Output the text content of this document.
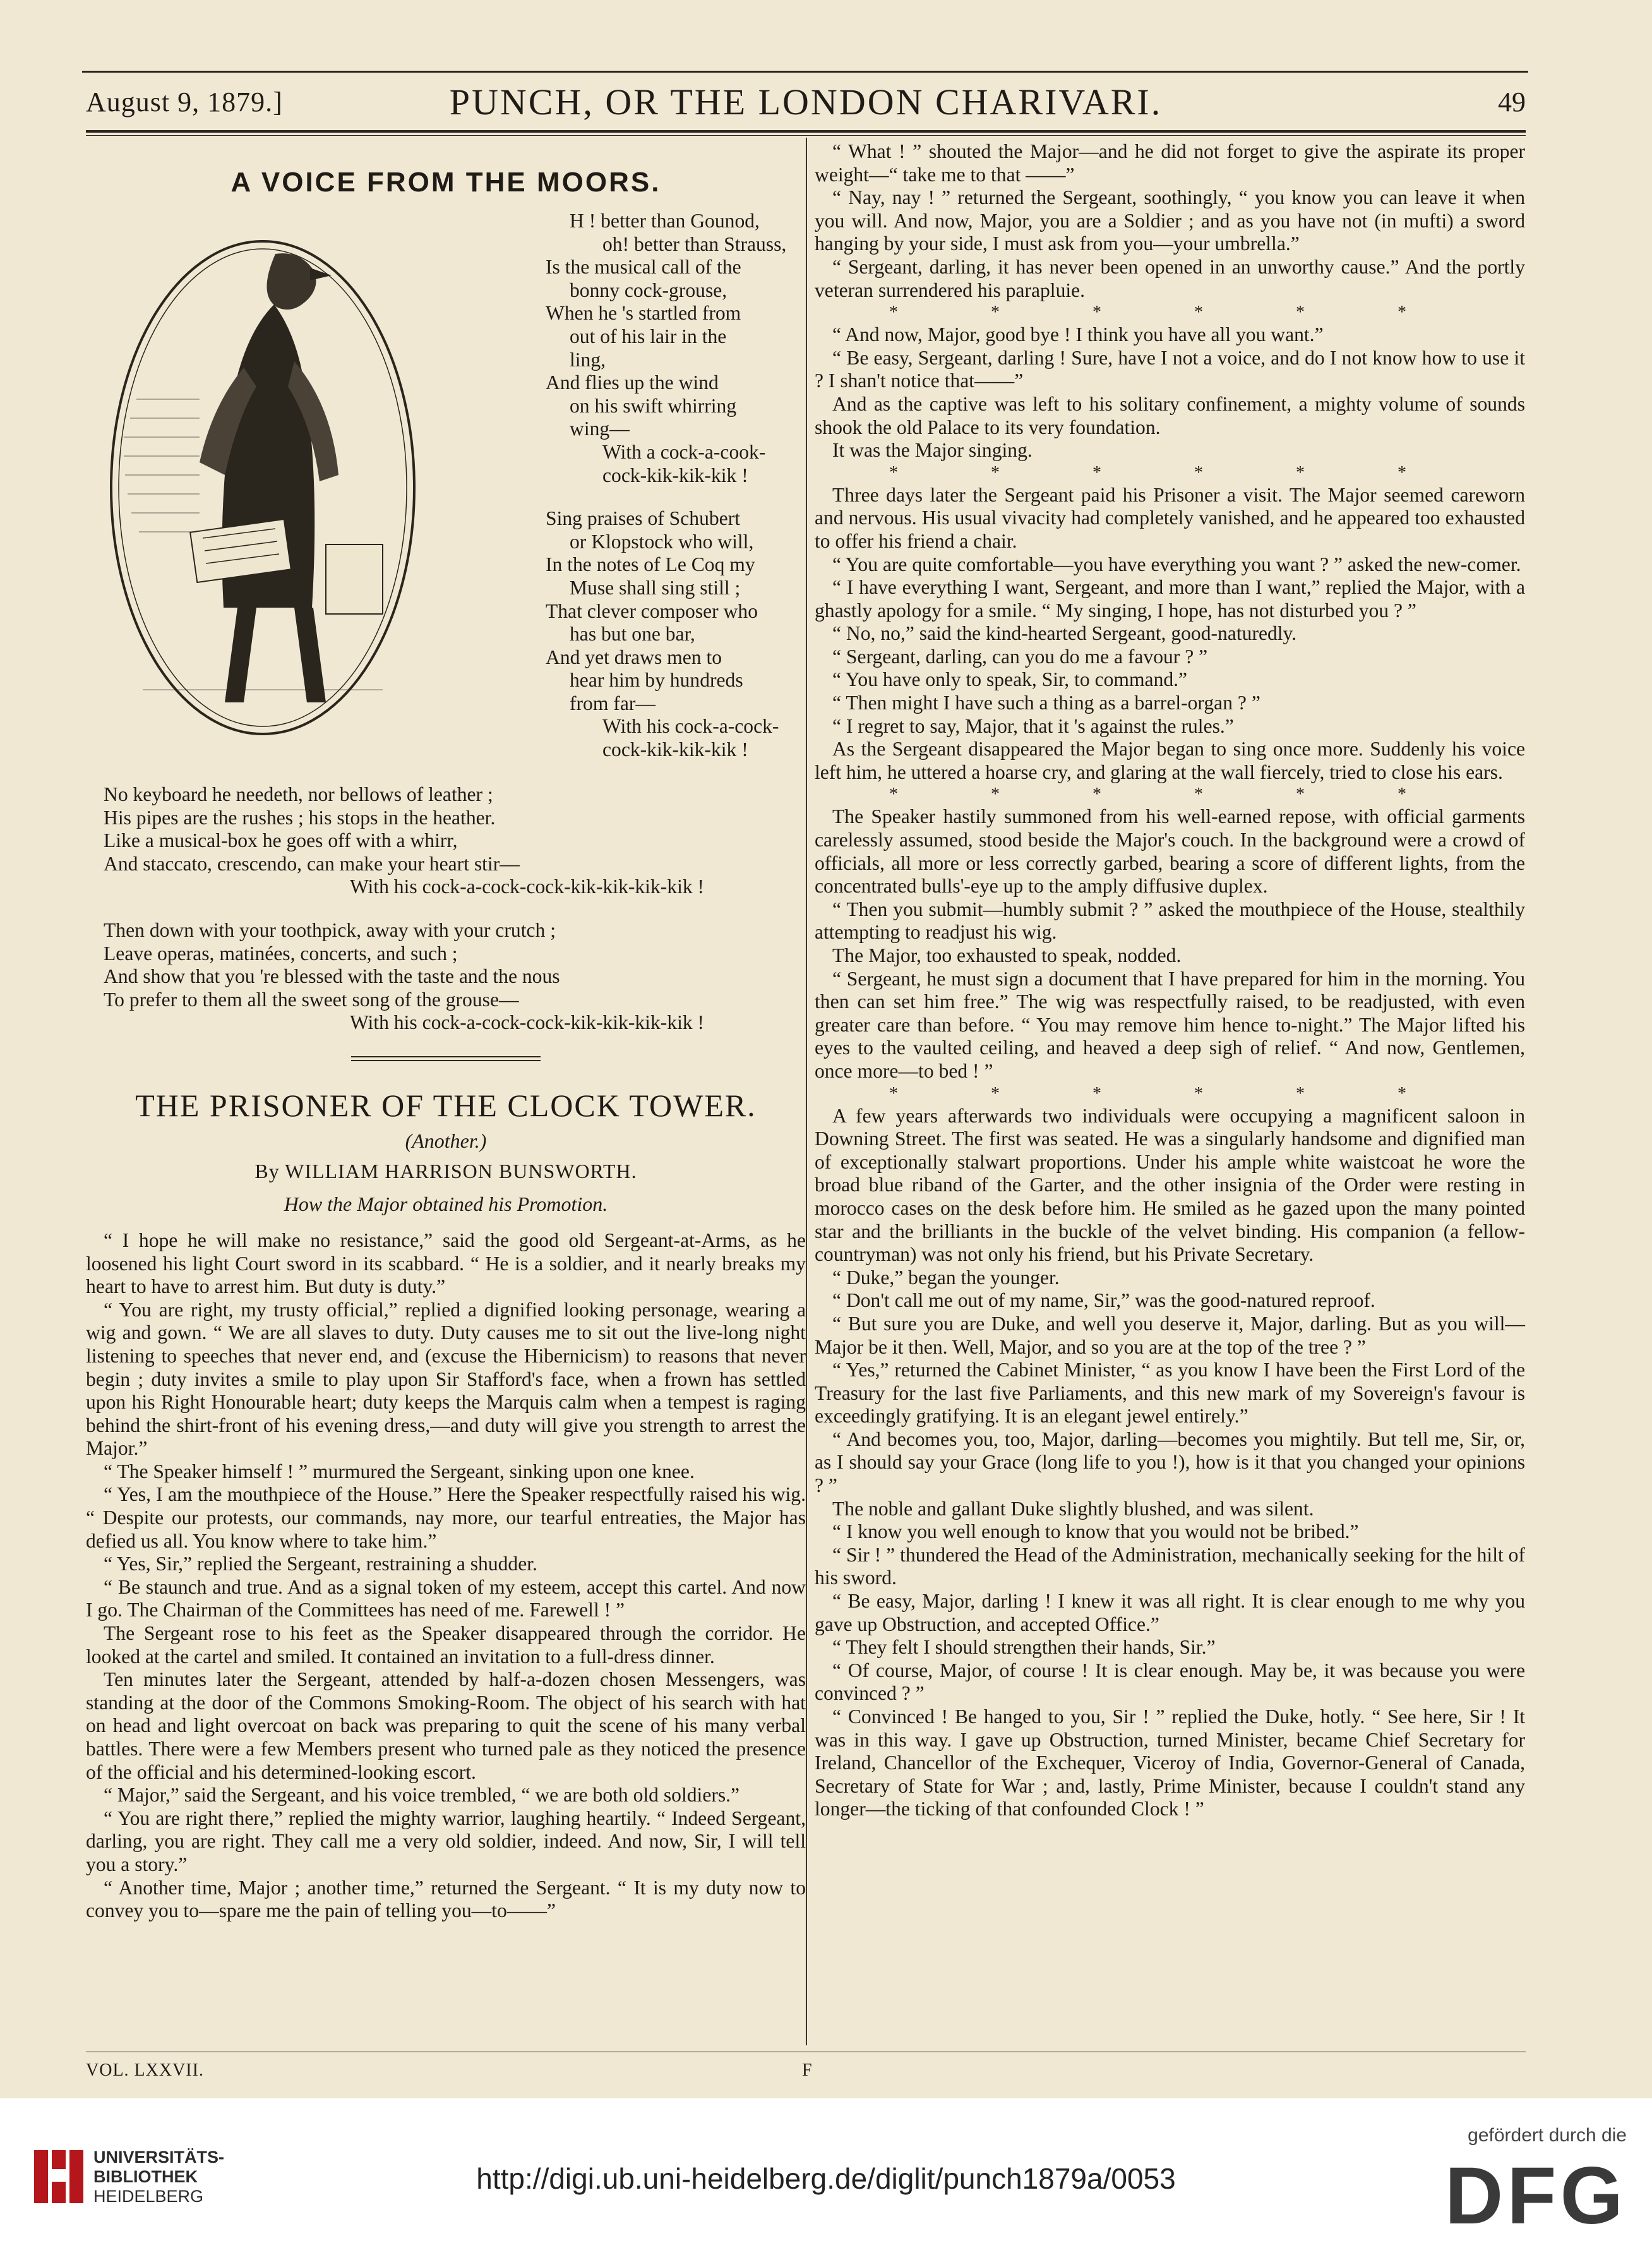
August 9, 1879.]	PUNCH, OR THE LONDON CHARIVARI.	49
A VOICE FROM THE MOORS.

H ! better than Gounod,

oh! better than Strauss,

Is the musical call of the

bonny cock-grouse,

When he 's startled from

out of his lair in the

ling,

And flies up the wind

on his swift whirring

wing—

With a cock-a-cook-

cock-kik-kik-kik !

Sing praises of Schubert

or Klopstock who will,

In the notes of Le Coq my

Muse shall sing still ;

That clever composer who

has but one bar,

And yet draws men to

hear him by hundreds

from far—

With his cock-a-cock-

cock-kik-kik-kik !

No keyboard he needeth, nor bellows of leather ;

His pipes are the rushes ; his stops in the heather.

Like a musical-box he goes off with a whirr,

And staccato, crescendo, can make your heart stir—

With his cock-a-cock-cock-kik-kik-kik-kik !

Then down with your toothpick, away with your crutch ;

Leave operas, matinées, concerts, and such ;

And show that you 're blessed with the taste and the nous

To prefer to them all the sweet song of the grouse—

With his cock-a-cock-cock-kik-kik-kik-kik !

THE PRISONER OF THE CLOCK TOWER.
(Another.)
By WILLIAM HARRISON BUNSWORTH.
How the Major obtained his Promotion.

“ I hope he will make no resistance,” said the good old Sergeant-at-Arms, as he loosened his light Court sword in its scabbard. “ He is a soldier, and it nearly breaks my heart to have to arrest him. But duty is duty.”

“ You are right, my trusty official,” replied a dignified looking personage, wearing a wig and gown. “ We are all slaves to duty. Duty causes me to sit out the live-long night listening to speeches that never end, and (excuse the Hibernicism) to reasons that never begin ; duty invites a smile to play upon Sir Stafford's face, when a frown has settled upon his Right Honourable heart; duty keeps the Marquis calm when a tempest is raging behind the shirt-front of his evening dress,—and duty will give you strength to arrest the Major.”

“ The Speaker himself ! ” murmured the Sergeant, sinking upon one knee.

“ Yes, I am the mouthpiece of the House.” Here the Speaker respectfully raised his wig. “ Despite our protests, our commands, nay more, our tearful entreaties, the Major has defied us all. You know where to take him.”

“ Yes, Sir,” replied the Sergeant, restraining a shudder.

“ Be staunch and true. And as a signal token of my esteem, accept this cartel. And now I go. The Chairman of the Committees has need of me. Farewell ! ”

The Sergeant rose to his feet as the Speaker disappeared through the corridor. He looked at the cartel and smiled. It contained an invitation to a full-dress dinner.

Ten minutes later the Sergeant, attended by half-a-dozen chosen Messengers, was standing at the door of the Commons Smoking-Room. The object of his search with hat on head and light overcoat on back was preparing to quit the scene of his many verbal battles. There were a few Members present who turned pale as they noticed the presence of the official and his determined-looking escort.

“ Major,” said the Sergeant, and his voice trembled, “ we are both old soldiers.”

“ You are right there,” replied the mighty warrior, laughing heartily. “ Indeed Sergeant, darling, you are right. They call me a very old soldier, indeed. And now, Sir, I will tell you a story.”

“ Another time, Major ; another time,” returned the Sergeant. “ It is my duty now to convey you to—spare me the pain of telling you—to——”

“ What ! ” shouted the Major—and he did not forget to give the aspirate its proper weight—“ take me to that ——”

“ Nay, nay ! ” returned the Sergeant, soothingly, “ you know you can leave it when you will. And now, Major, you are a Soldier ; and as you have not (in mufti) a sword hanging by your side, I must ask from you—your umbrella.”

“ Sergeant, darling, it has never been opened in an unworthy cause.” And the portly veteran surrendered his parapluie.

* * * * * *

“ And now, Major, good bye ! I think you have all you want.”

“ Be easy, Sergeant, darling ! Sure, have I not a voice, and do I not know how to use it ? I shan't notice that——”

And as the captive was left to his solitary confinement, a mighty volume of sounds shook the old Palace to its very foundation.

It was the Major singing.

* * * * * *

Three days later the Sergeant paid his Prisoner a visit. The Major seemed careworn and nervous. His usual vivacity had completely vanished, and he appeared too exhausted to offer his friend a chair.

“ You are quite comfortable—you have everything you want ? ” asked the new-comer.

“ I have everything I want, Sergeant, and more than I want,” replied the Major, with a ghastly apology for a smile. “ My singing, I hope, has not disturbed you ? ”

“ No, no,” said the kind-hearted Sergeant, good-naturedly.

“ Sergeant, darling, can you do me a favour ? ”

“ You have only to speak, Sir, to command.”

“ Then might I have such a thing as a barrel-organ ? ”

“ I regret to say, Major, that it 's against the rules.”

As the Sergeant disappeared the Major began to sing once more. Suddenly his voice left him, he uttered a hoarse cry, and glaring at the wall fiercely, tried to close his ears.

* * * * * *

The Speaker hastily summoned from his well-earned repose, with official garments carelessly assumed, stood beside the Major's couch. In the background were a crowd of officials, all more or less correctly garbed, bearing a score of different lights, from the concentrated bulls'-eye up to the amply diffusive duplex.

“ Then you submit—humbly submit ? ” asked the mouthpiece of the House, stealthily attempting to readjust his wig.

The Major, too exhausted to speak, nodded.

“ Sergeant, he must sign a document that I have prepared for him in the morning. You then can set him free.” The wig was respectfully raised, to be readjusted, with even greater care than before. “ You may remove him hence to-night.” The Major lifted his eyes to the vaulted ceiling, and heaved a deep sigh of relief. “ And now, Gentlemen, once more—to bed ! ”

* * * * * *

A few years afterwards two individuals were occupying a magnificent saloon in Downing Street. The first was seated. He was a singularly handsome and dignified man of exceptionally stalwart proportions. Under his ample white waistcoat he wore the broad blue riband of the Garter, and the other insignia of the Order were resting in morocco cases on the desk before him. He smiled as he gazed upon the many pointed star and the brilliants in the buckle of the velvet binding. His companion (a fellow-countryman) was not only his friend, but his Private Secretary.

“ Duke,” began the younger.

“ Don't call me out of my name, Sir,” was the good-natured reproof.

“ But sure you are Duke, and well you deserve it, Major, darling. But as you will—Major be it then. Well, Major, and so you are at the top of the tree ? ”

“ Yes,” returned the Cabinet Minister, “ as you know I have been the First Lord of the Treasury for the last five Parliaments, and this new mark of my Sovereign's favour is exceedingly gratifying. It is an elegant jewel entirely.”

“ And becomes you, too, Major, darling—becomes you mightily. But tell me, Sir, or, as I should say your Grace (long life to you !), how is it that you changed your opinions ? ”

The noble and gallant Duke slightly blushed, and was silent.

“ I know you well enough to know that you would not be bribed.”

“ Sir ! ” thundered the Head of the Administration, mechanically seeking for the hilt of his sword.

“ Be easy, Major, darling ! I knew it was all right. It is clear enough to me why you gave up Obstruction, and accepted Office.”

“ They felt I should strengthen their hands, Sir.”

“ Of course, Major, of course ! It is clear enough. May be, it was because you were convinced ? ”

“ Convinced ! Be hanged to you, Sir ! ” replied the Duke, hotly. “ See here, Sir ! It was in this way. I gave up Obstruction, turned Minister, became Chief Secretary for Ireland, Chancellor of the Exchequer, Viceroy of India, Governor-General of Canada, Secretary of State for War ; and, lastly, Prime Minister, because I couldn't stand any longer—the ticking of that confounded Clock ! ”

VOL. LXXVII.	F
UNIVERSITÄTS-
BIBLIOTHEK
HEIDELBERG
http://digi.ub.uni-heidelberg.de/diglit/punch1879a/0053
gefördert durch die
DFG
